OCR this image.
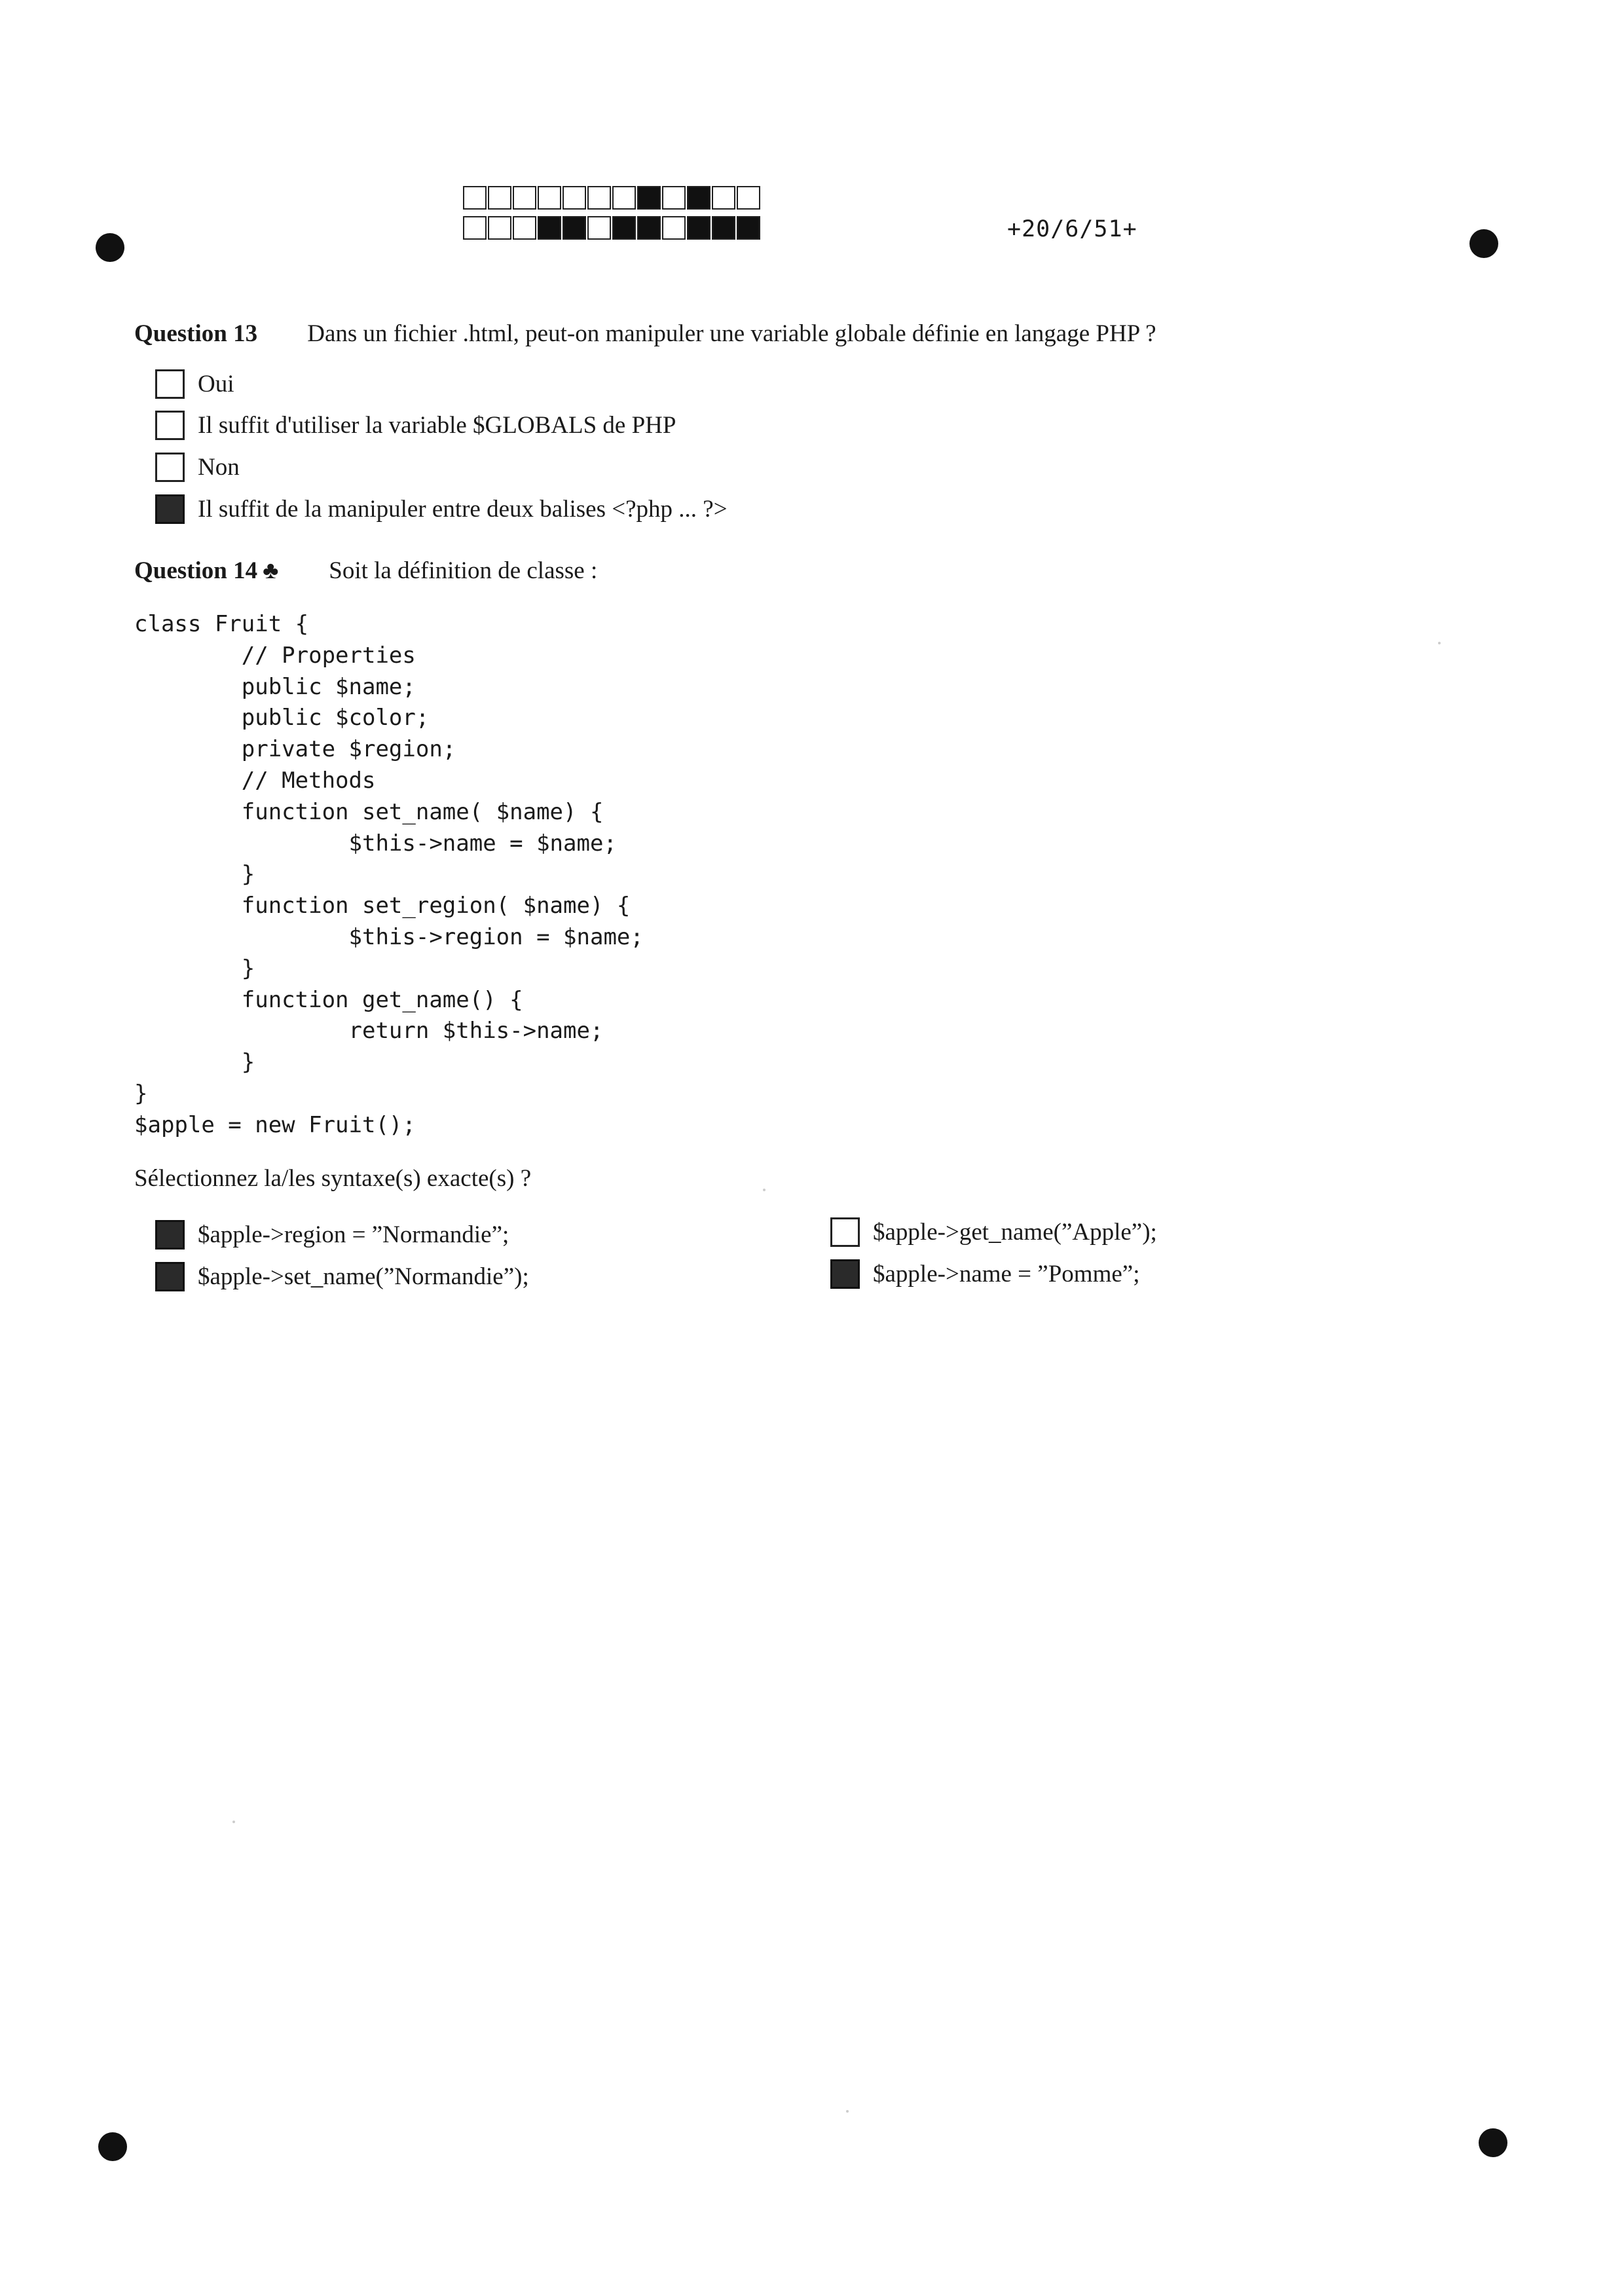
+20/6/51+
Question 13 Dans un fichier .html, peut-on manipuler une variable globale définie en langage PHP ?
Oui
Il suffit d'utiliser la variable $GLOBALS de PHP
Non
Il suffit de la manipuler entre deux balises <?php ... ?>
Question 14 ♣ Soit la définition de classe :
class Fruit {
// Properties
public $name;
public $color;
private $region;
// Methods
function set_name( $name) {
$this->name = $name;
}
function set_region( $name) {
$this->region = $name;
}
function get_name() {
return $this->name;
}
}
$apple = new Fruit();
Sélectionnez la/les syntaxe(s) exacte(s) ?
$apple->region = ”Normandie”;
$apple->set_name(”Normandie”);
$apple->get_name(”Apple”);
$apple->name = ”Pomme”;
